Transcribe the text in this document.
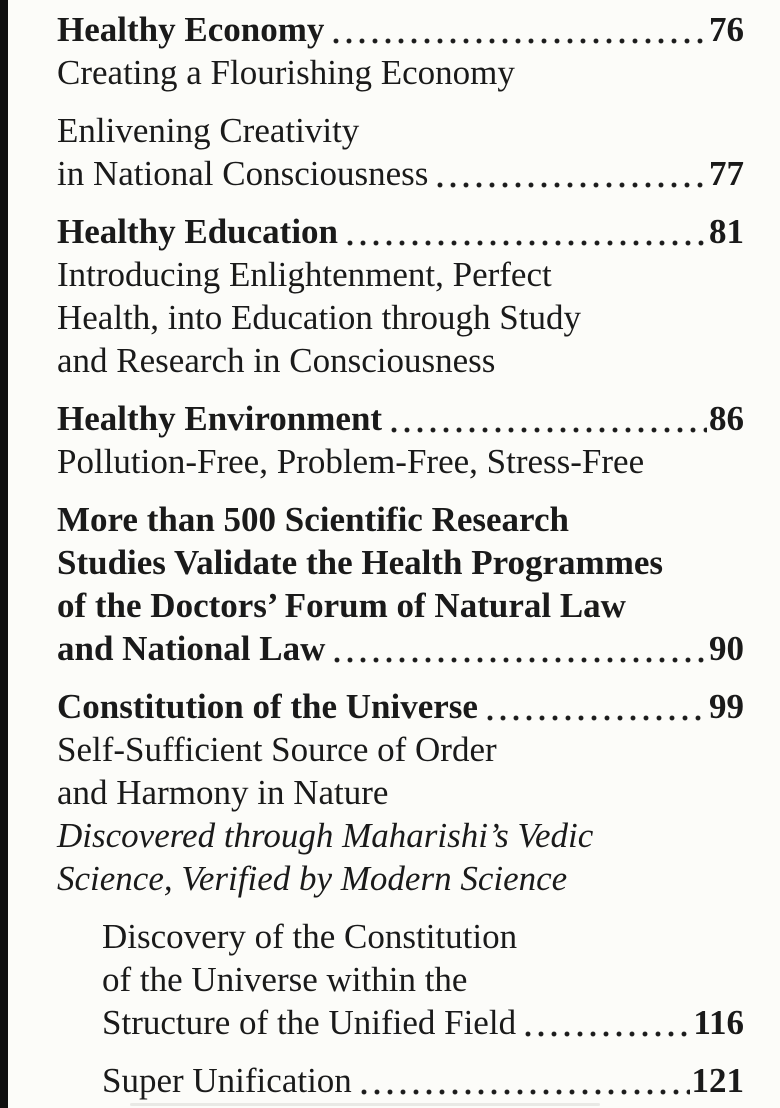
Healthy Economy	76
Creating a Flourishing Economy
Enlivening Creativity
in National Consciousness	77
Healthy Education	81
Introducing Enlightenment, Perfect
Health, into Education through Study
and Research in Consciousness
Healthy Environment	86
Pollution-Free, Problem-Free, Stress-Free
More than 500 Scientific Research
Studies Validate the Health Programmes
of the Doctors’ Forum of Natural Law
and National Law	90
Constitution of the Universe	99
Self-Sufficient Source of Order
and Harmony in Nature
Discovered through Maharishi’s Vedic
Science, Verified by Modern Science
Discovery of the Constitution
of the Universe within the
Structure of the Unified Field	116
Super Unification	121
